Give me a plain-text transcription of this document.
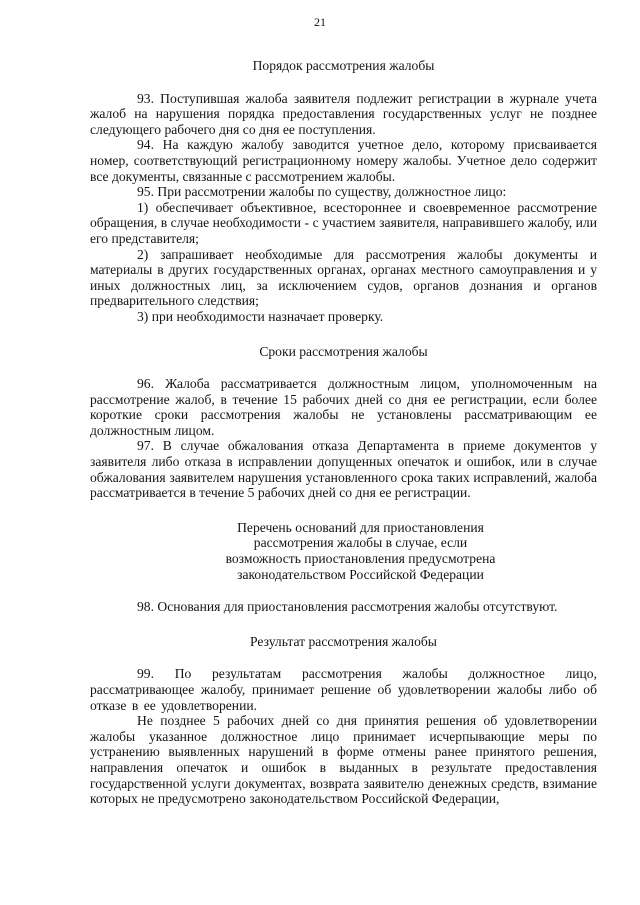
21
Порядок рассмотрения жалобы

93. Поступившая жалоба заявителя подлежит регистрации в журнале учета жалоб на нарушения порядка предоставления государственных услуг не позднее следующего рабочего дня со дня ее поступления.

94. На каждую жалобу заводится учетное дело, которому присваивается номер, соответствующий регистрационному номеру жалобы. Учетное дело содержит все документы, связанные с рассмотрением жалобы.

95. При рассмотрении жалобы по существу, должностное лицо:

1) обеспечивает объективное, всестороннее и своевременное рассмотрение обращения, в случае необходимости - с участием заявителя, направившего жалобу, или его представителя;

2) запрашивает необходимые для рассмотрения жалобы документы и материалы в других государственных органах, органах местного самоуправления и у иных должностных лиц, за исключением судов, органов дознания и органов предварительного следствия;

3) при необходимости назначает проверку.

Сроки рассмотрения жалобы

96. Жалоба рассматривается должностным лицом, уполномоченным на рассмотрение жалоб, в течение 15 рабочих дней со дня ее регистрации, если более короткие сроки рассмотрения жалобы не установлены рассматривающим ее должностным лицом.

97. В случае обжалования отказа Департамента в приеме документов у заявителя либо отказа в исправлении допущенных опечаток и ошибок, или в случае обжалования заявителем нарушения установленного срока таких исправлений, жалоба рассматривается в течение 5 рабочих дней со дня ее регистрации.

Перечень оснований для приостановления
рассмотрения жалобы в случае, если
возможность приостановления предусмотрена
законодательством Российской Федерации

98. Основания для приостановления рассмотрения жалобы отсутствуют.

Результат рассмотрения жалобы

99. По результатам рассмотрения жалобы должностное лицо, рассматривающее жалобу, принимает решение об удовлетворении жалобы либо об отказе в ее удовлетворении.

Не позднее 5 рабочих дней со дня принятия решения об удовлетворении жалобы указанное должностное лицо принимает исчерпывающие меры по устранению выявленных нарушений в форме отмены ранее принятого решения, направления опечаток и ошибок в выданных в результате предоставления государственной услуги документах, возврата заявителю денежных средств, взимание которых не предусмотрено законодательством Российской Федерации,
